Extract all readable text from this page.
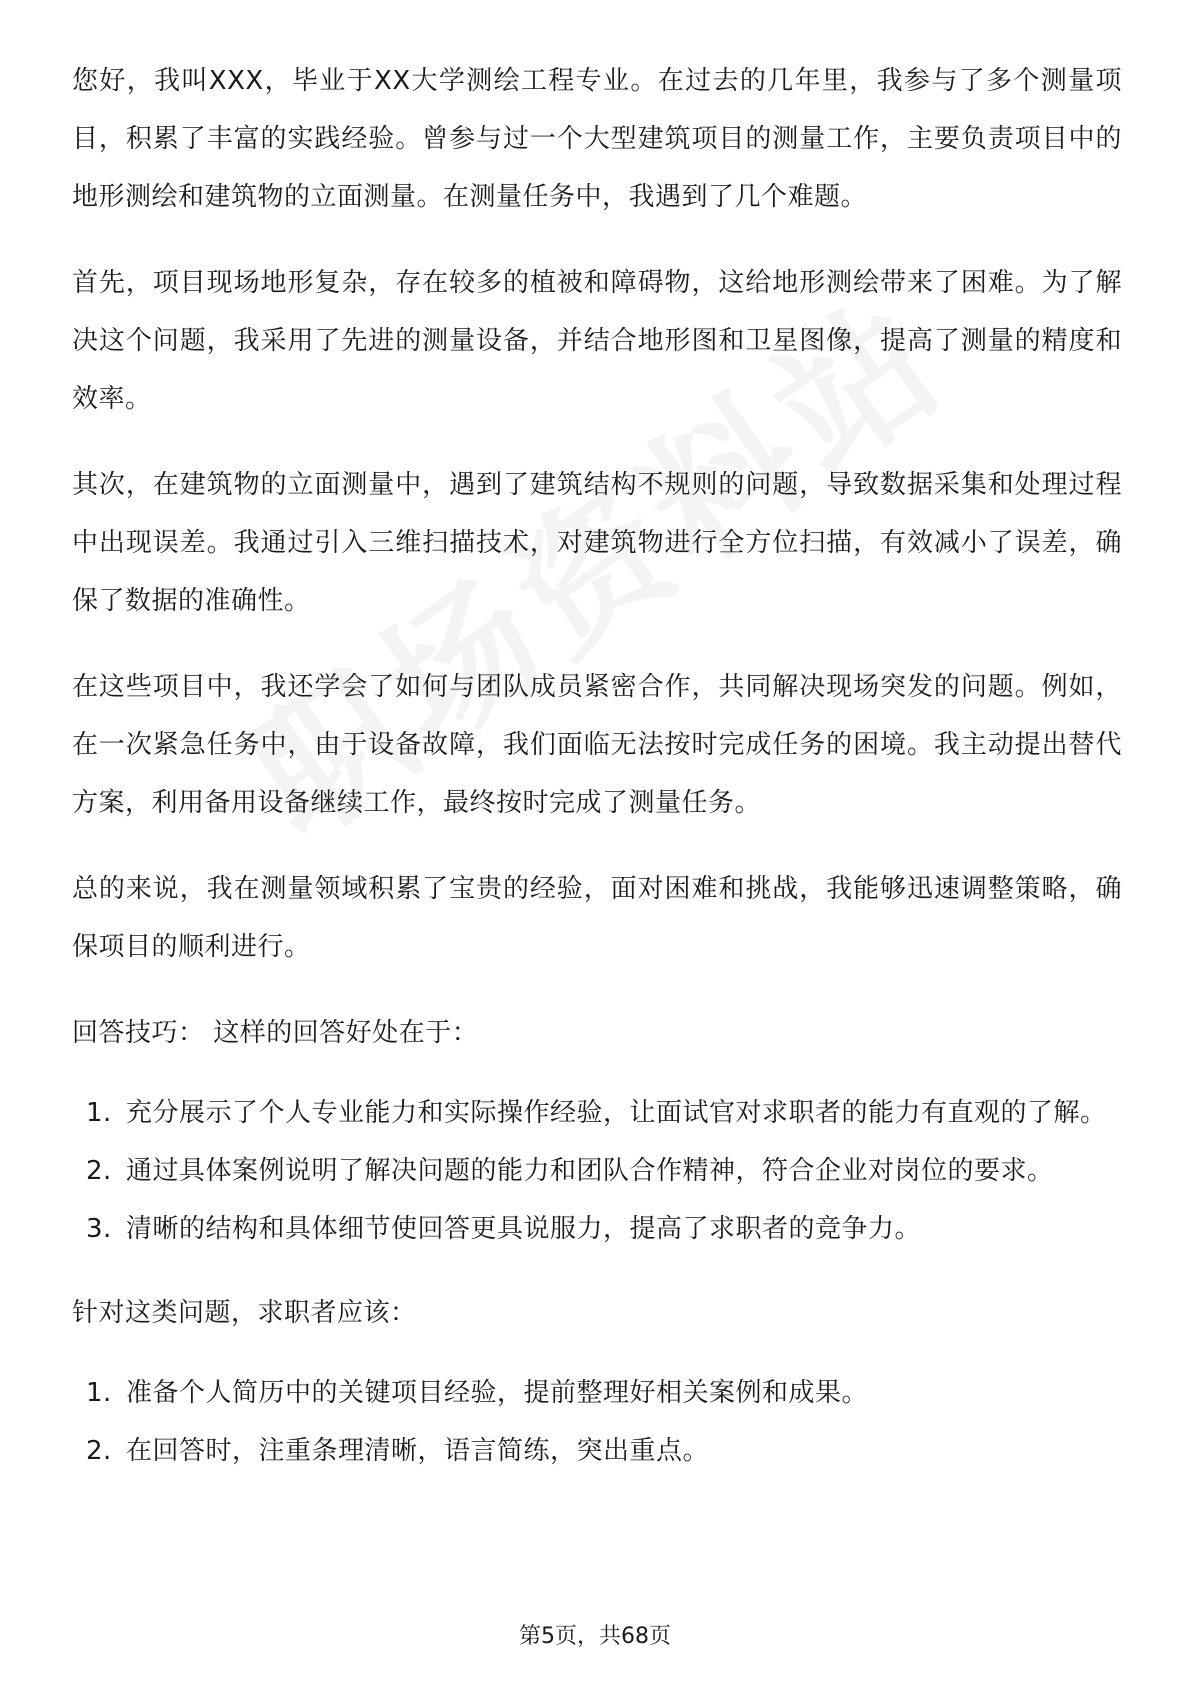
您好，我叫XXX，毕业于XX大学测绘工程专业。在过去的几年里，我参与了多个测量项目，积累了丰富的实践经验。曾参与过一个大型建筑项目的测量工作，主要负责项目中的地形测绘和建筑物的立面测量。在测量任务中，我遇到了几个难题。

首先，项目现场地形复杂，存在较多的植被和障碍物，这给地形测绘带来了困难。为了解决这个问题，我采用了先进的测量设备，并结合地形图和卫星图像，提高了测量的精度和效率。

其次，在建筑物的立面测量中，遇到了建筑结构不规则的问题，导致数据采集和处理过程中出现误差。我通过引入三维扫描技术，对建筑物进行全方位扫描，有效减小了误差，确保了数据的准确性。

在这些项目中，我还学会了如何与团队成员紧密合作，共同解决现场突发的问题。例如，在一次紧急任务中，由于设备故障，我们面临无法按时完成任务的困境。我主动提出替代方案，利用备用设备继续工作，最终按时完成了测量任务。

总的来说，我在测量领域积累了宝贵的经验，面对困难和挑战，我能够迅速调整策略，确保项目的顺利进行。

回答技巧： 这样的回答好处在于：

1. 充分展示了个人专业能力和实际操作经验，让面试官对求职者的能力有直观的了解。
2. 通过具体案例说明了解决问题的能力和团队合作精神，符合企业对岗位的要求。
3. 清晰的结构和具体细节使回答更具说服力，提高了求职者的竞争力。

针对这类问题，求职者应该：

1. 准备个人简历中的关键项目经验，提前整理好相关案例和成果。
2. 在回答时，注重条理清晰，语言简练，突出重点。
第5页，共68页
